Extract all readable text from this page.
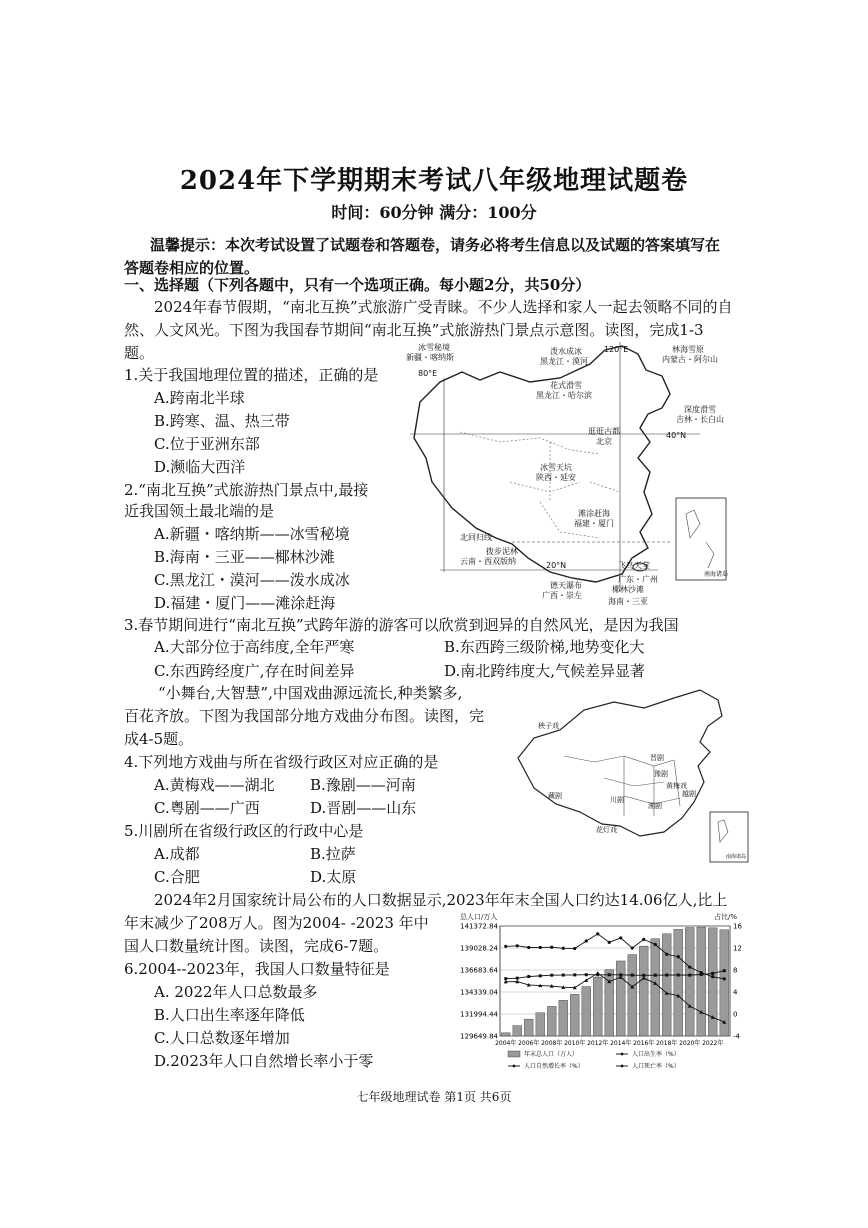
2024年下学期期末考试八年级地理试题卷
时间：60分钟 满分：100分
温馨提示：本次考试设置了试题卷和答题卷，请务必将考生信息以及试题的答案填写在
答题卷相应的位置。
一、选择题（下列各题中，只有一个选项正确。每小题2分，共50分）
2024年春节假期，“南北互换”式旅游广受青睐。不少人选择和家人一起去领略不同的自
然、人文风光。下图为我国春节期间“南北互换”式旅游热门景点示意图。读图，完成1-3
题。
1.关于我国地理位置的描述，正确的是
A.跨南北半球
B.跨寒、温、热三带
C.位于亚洲东部
D.濒临大西洋
2.“南北互换”式旅游热门景点中,最接
近我国领土最北端的是
A.新疆・喀纳斯——冰雪秘境
B.海南・三亚——椰林沙滩
C.黑龙江・漠河——泼水成冰
D.福建・厦门——滩涂赶海
冰雪秘境新疆・喀纳斯
泼水成冰黑龙江・漠河
花式滑雪黑龙江・哈尔滨
林海雪原内蒙古・阿尔山
深度滑雪吉林・长白山
逛逛古都北京
冰雪天坑陕西・延安
滩涂赶海福建・厦门
拨步泥林云南・西双版纳	飞鸟天堂广东・广州
德天瀑布广西・崇左
椰林沙滩海南・三亚
80°E
120°E
40°N
20°N
北回归线
南海诸岛
3.春节期间进行“南北互换”式跨年游的游客可以欣赏到迥异的自然风光，是因为我国
A.大部分位于高纬度,全年严寒	B.东西跨三级阶梯,地势变化大
C.东西跨经度广,存在时间差异	D.南北跨纬度大,气候差异显著
“小舞台,大智慧”,中国戏曲源远流长,种类繁多,
百花齐放。下图为我国部分地方戏曲分布图。读图，完
成4-5题。
4.下列地方戏曲与所在省级行政区对应正确的是
A.黄梅戏——湖北 B.豫剧——河南
C.粤剧——广西	D.晋剧——山东
5.川剧所在省级行政区的行政中心是
A.成都	B.拉萨
C.合肥	D.太原
秧子戏
藏剧	川剧
晋剧
豫剧
黄梅戏
越剧
湘剧
花灯戏
南海诸岛
2024年2月国家统计局公布的人口数据显示,2023年年末全国人口约达14.06亿人,比上
年末减少了208万人。图为2004- -2023 年中
国人口数量统计图。读图，完成6-7题。
6.2004--2023年，我国人口数量特征是
A. 2022年人口总数最多
B.人口出生率逐年降低
C.人口总数逐年增加
D.2023年人口自然增长率小于零
总人口/万人	占比/%
141372.84
139028.24
136683.64
134339.04
131994.44
129649.84
16
12
8
4
0
-4
2004年 2006年 2008年 2010年 2012年 2014年 2016年 2018年 2020年 2022年
年末总人口（万人）	人口出生率（%）
人口自然增长率（%）	人口死亡率（%）
七年级地理试卷 第1页 共6页
